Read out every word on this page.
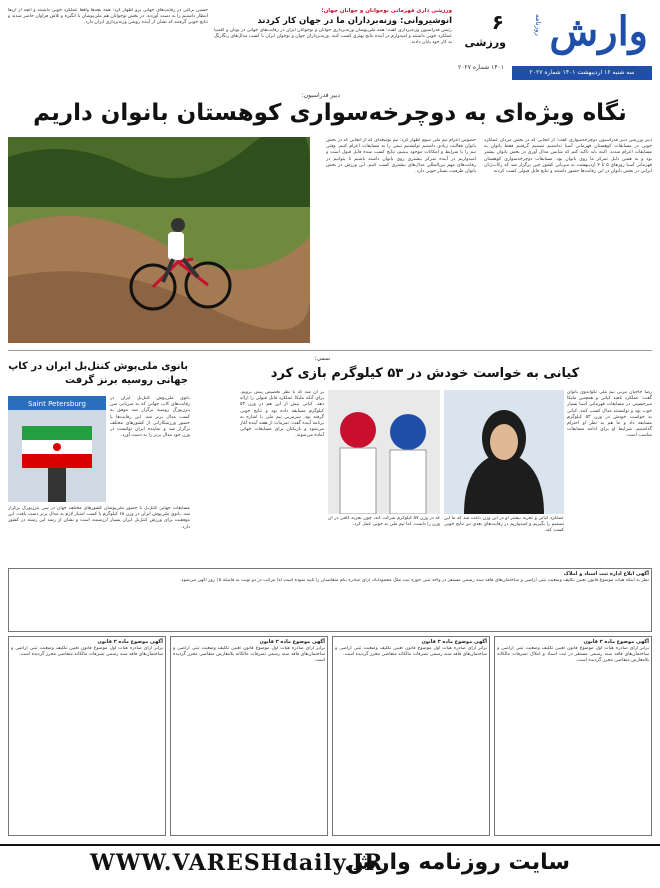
وارش
روزنامه
سه شنبه ۱۶ اردیبهشت ۱۴۰۱ شماره ۲۰۲۷
۶
ورزشی
۱۴۰۱ شماره ۲۰۲۷
ورزشی داری فهرمانی نوجوانان و جوانان جهان؛
انوشیروانی: وزنه‌برداران ما در جهان کار کردند
رئیس فدراسیون وزنه‌برداری گفت: همه ملی‌پوشان وزنه‌برداری جوانان و نوجوانان ایران در رقابت‌های جهانی در یونان و کلمبیا عملکرد خوبی داشتند و امیدوارم در آینده نتایج بهتری کسب کنند. وزنه‌برداران جوان و نوجوان ایران با کسب مدال‌های رنگارنگ به کار خود پایان دادند.
حسین برکتی در رقابت‌های جهانی پرو اظهار کرد: همه بچه‌ها واقعا عملکرد خوبی داشتند و آنچه از آن‌ها انتظار داشتیم را به دست آوردند. در بخش نوجوانان هم ملی‌پوشان با انگیزه و تلاش فراوان حاضر شدند و نتایج خوبی گرفتند که نشان از آینده روشن وزنه‌برداری ایران دارد.
دبیر فدراسیون:
نگاه ویژه‌ای به دوچرخه‌سواری کوهستان بانوان داریم
دبیر ورزشی دبیر فدراسیون دوچرخه‌سواری گفت: از آنجایی که در بخش مردان عملکرد خوبی در مسابقات کوهستان قهرمانی آسیا نداشتیم تصمیم گرفتیم فقط بانوان به مسابقات اعزام شدند. البته باید تاکید کنم که شانس مدال آوری در بخش بانوان بیشتر بود و به همین دلیل تمرکز ما روی بانوان بود. مسابقات دوچرخه‌سواری کوهستان قهرمانی آسیا روزهای ۵ تا ۷ اردیبهشت به میزبانی کشور چین برگزار شد که رکاب‌زنان ایرانی در بخش بانوان در این رقابت‌ها حضور داشتند و نتایج قابل قبولی کسب کردند.
خصوص اعزام تیم ملی سوم اظهار کرد: تیم توسعه‌ای که از آنجایی که در بخش بانوان فعالیت زیادی داشتیم توانستیم تیمی را به مسابقات اعزام کنیم. وقتی تیم را با شرایط و امکانات موجود ببینیم، نتایج کسب شده قابل قبول است و امیدواریم در آینده تمرکز بیشتری روی بانوان داشته باشیم تا بتوانیم در رقابت‌های مهم بین‌المللی مدال‌های بیشتری کسب کنیم. این ورزش در بخش بانوان ظرفیت بسیار خوبی دارد.
سمی:
کیانی به خواست خودش در ۵۳ کیلوگرم بازی کرد
رضا جاجیان مربی تیم ملی تکواندوی بانوان گفت: عملکرد ناهید کیانی و همچنین ملیکا میرحسینی در مسابقات قهرمانی آسیا بسیار خوب بود و توانستند مدال کسب کنند. کیانی به خواست خودش در وزن ۵۳ کیلوگرم مسابقه داد و ما هم به نظر او احترام گذاشتیم. شرایط او برای ادامه مسابقات مناسب است.
عملکرد کیانی و تجربه بیشتر او در این وزن باعث شد که ما این تصمیم را بگیریم و امیدواریم در رقابت‌های بعدی نیز نتایج خوبی کسب کند.
که در وزن ۵۷ کیلوگرم شرکت کند، چون تجربه کافی در آن وزن را داشت. اما تیم ملی به خوبی عمل کرد.
بر آن شد که با نظر تخصیص پیش برویم. برای آنکه ملیکا عملکرد قابل قبولی را ارائه دهد. کیانی پیش از این هم در وزن ۵۳ کیلوگرم مسابقه داده بود و نتایج خوبی گرفته بود. سرمربی تیم ملی با اشاره به برنامه آینده گفت: تمرینات از هفته آینده آغاز می‌شود و بازیکنان برای مسابقات جهانی آماده می‌شوند.
بانوی ملی‌پوش کنتل‌بل ایران در کاپ جهانی روسیه برنز گرفت
Saint Petersburg
بانوی ملی‌پوش کنتل‌بل ایران در رقابت‌های کاپ جهانی که به میزبانی سن پترزبورگ روسیه برگزار شد موفق به کسب مدال برنز شد. این رقابت‌ها با حضور ورزشکارانی از کشورهای مختلف برگزار شد و نماینده ایران توانست در وزن خود مدال برنز را به دست آورد.
مسابقات جهانی کنتل‌بل با حضور ملی‌پوشان کشورهای مختلف جهان در سن پترزبورگ برگزار شد. بانوی ملی‌پوش ایران در وزن ۶۸ کیلوگرم با کسب امتیاز لازم به مدال برنز دست یافت. این موفقیت برای ورزش کنتل‌بل ایران بسیار ارزشمند است و نشان از رشد این رشته در کشور دارد.
آگهی ابلاغ اداره ثبت اسناد و املاک
نظر به اینکه هیات موضوع قانون تعیین تکلیف وضعیت ثبتی اراضی و ساختمان‌های فاقد سند رسمی مستقر در واحد ثبتی حوزه ثبت ملک محمودآباد، آرای صادره بنام متقاضیان را تایید نموده است لذا مراتب در دو نوبت به فاصله ۱۵ روز آگهی می‌شود.
آگهی موضوع ماده ۳ قانون
برابر آرای صادره هیات اول موضوع قانون تعیین تکلیف وضعیت ثبتی اراضی و ساختمان‌های فاقد سند رسمی مستقر در ثبت اسناد و املاک تصرفات مالکانه بلامعارض متقاضی محرز گردیده است.
آگهی موضوع ماده ۳ قانون
برابر آرای صادره هیات اول موضوع قانون تعیین تکلیف وضعیت ثبتی اراضی و ساختمان‌های فاقد سند رسمی تصرفات مالکانه متقاضی محرز گردیده است.
آگهی موضوع ماده ۳ قانون
برابر آرای صادره هیات اول موضوع قانون تعیین تکلیف وضعیت ثبتی اراضی و ساختمان‌های فاقد سند رسمی تصرفات مالکانه بلامعارض متقاضی محرز گردیده است.
آگهی موضوع ماده ۳ قانون
برابر آرای صادره هیات اول موضوع قانون تعیین تکلیف وضعیت ثبتی اراضی و ساختمان‌های فاقد سند رسمی تصرفات مالکانه متقاضی محرز گردیده است.
WWW.VARESHdaily.IR
سایت روزنامه وارش
